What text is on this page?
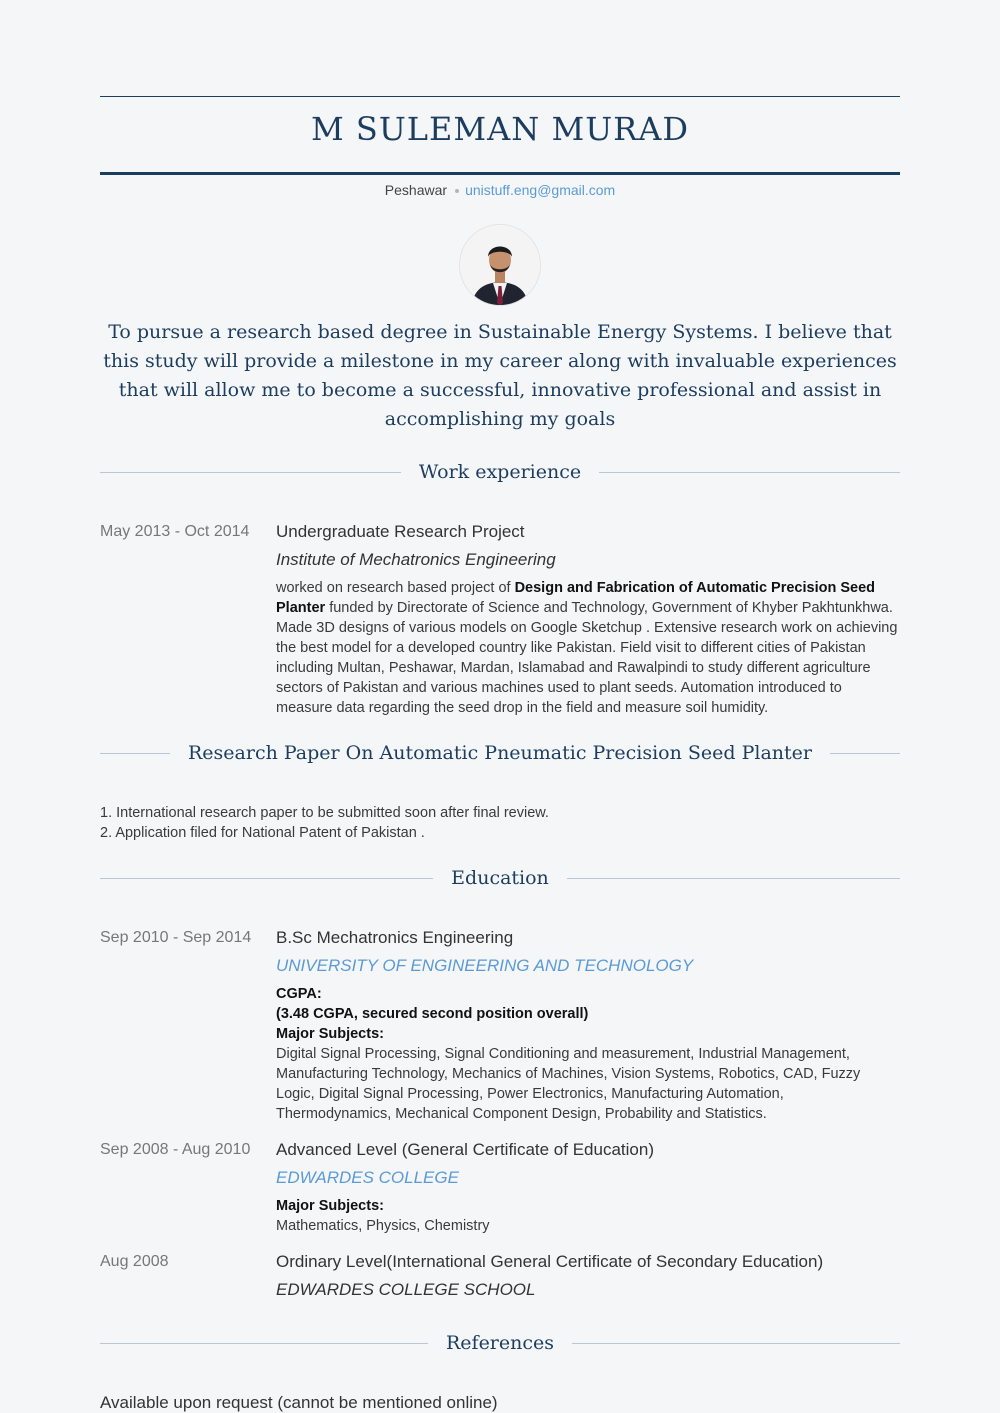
M SULEMAN MURAD
Peshawar unistuff.eng@gmail.com
To pursue a research based degree in Sustainable Energy Systems. I believe that this study will provide a milestone in my career along with invaluable experiences that will allow me to become a successful, innovative professional and assist in accomplishing my goals
Work experience
May 2013 - Oct 2014 Undergraduate Research Project
Institute of Mechatronics Engineering
worked on research based project of Design and Fabrication of Automatic Precision Seed Planter funded by Directorate of Science and Technology, Government of Khyber Pakhtunkhwa. Made 3D designs of various models on Google Sketchup . Extensive research work on achieving the best model for a developed country like Pakistan. Field visit to different cities of Pakistan including Multan, Peshawar, Mardan, Islamabad and Rawalpindi to study different agriculture sectors of Pakistan and various machines used to plant seeds. Automation introduced to measure data regarding the seed drop in the field and measure soil humidity.
Research Paper On Automatic Pneumatic Precision Seed Planter
1. International research paper to be submitted soon after final review.
2. Application filed for National Patent of Pakistan .
Education
Sep 2010 - Sep 2014 B.Sc Mechatronics Engineering
UNIVERSITY OF ENGINEERING AND TECHNOLOGY
CGPA:
(3.48 CGPA, secured second position overall)
Major Subjects:
Digital Signal Processing, Signal Conditioning and measurement, Industrial Management, Manufacturing Technology, Mechanics of Machines, Vision Systems, Robotics, CAD, Fuzzy Logic, Digital Signal Processing, Power Electronics, Manufacturing Automation, Thermodynamics, Mechanical Component Design, Probability and Statistics.
Sep 2008 - Aug 2010 Advanced Level (General Certificate of Education)
EDWARDES COLLEGE
Major Subjects:
Mathematics, Physics, Chemistry
Aug 2008	Ordinary Level(International General Certificate of Secondary Education)
EDWARDES COLLEGE SCHOOL
References
Available upon request (cannot be mentioned online)
